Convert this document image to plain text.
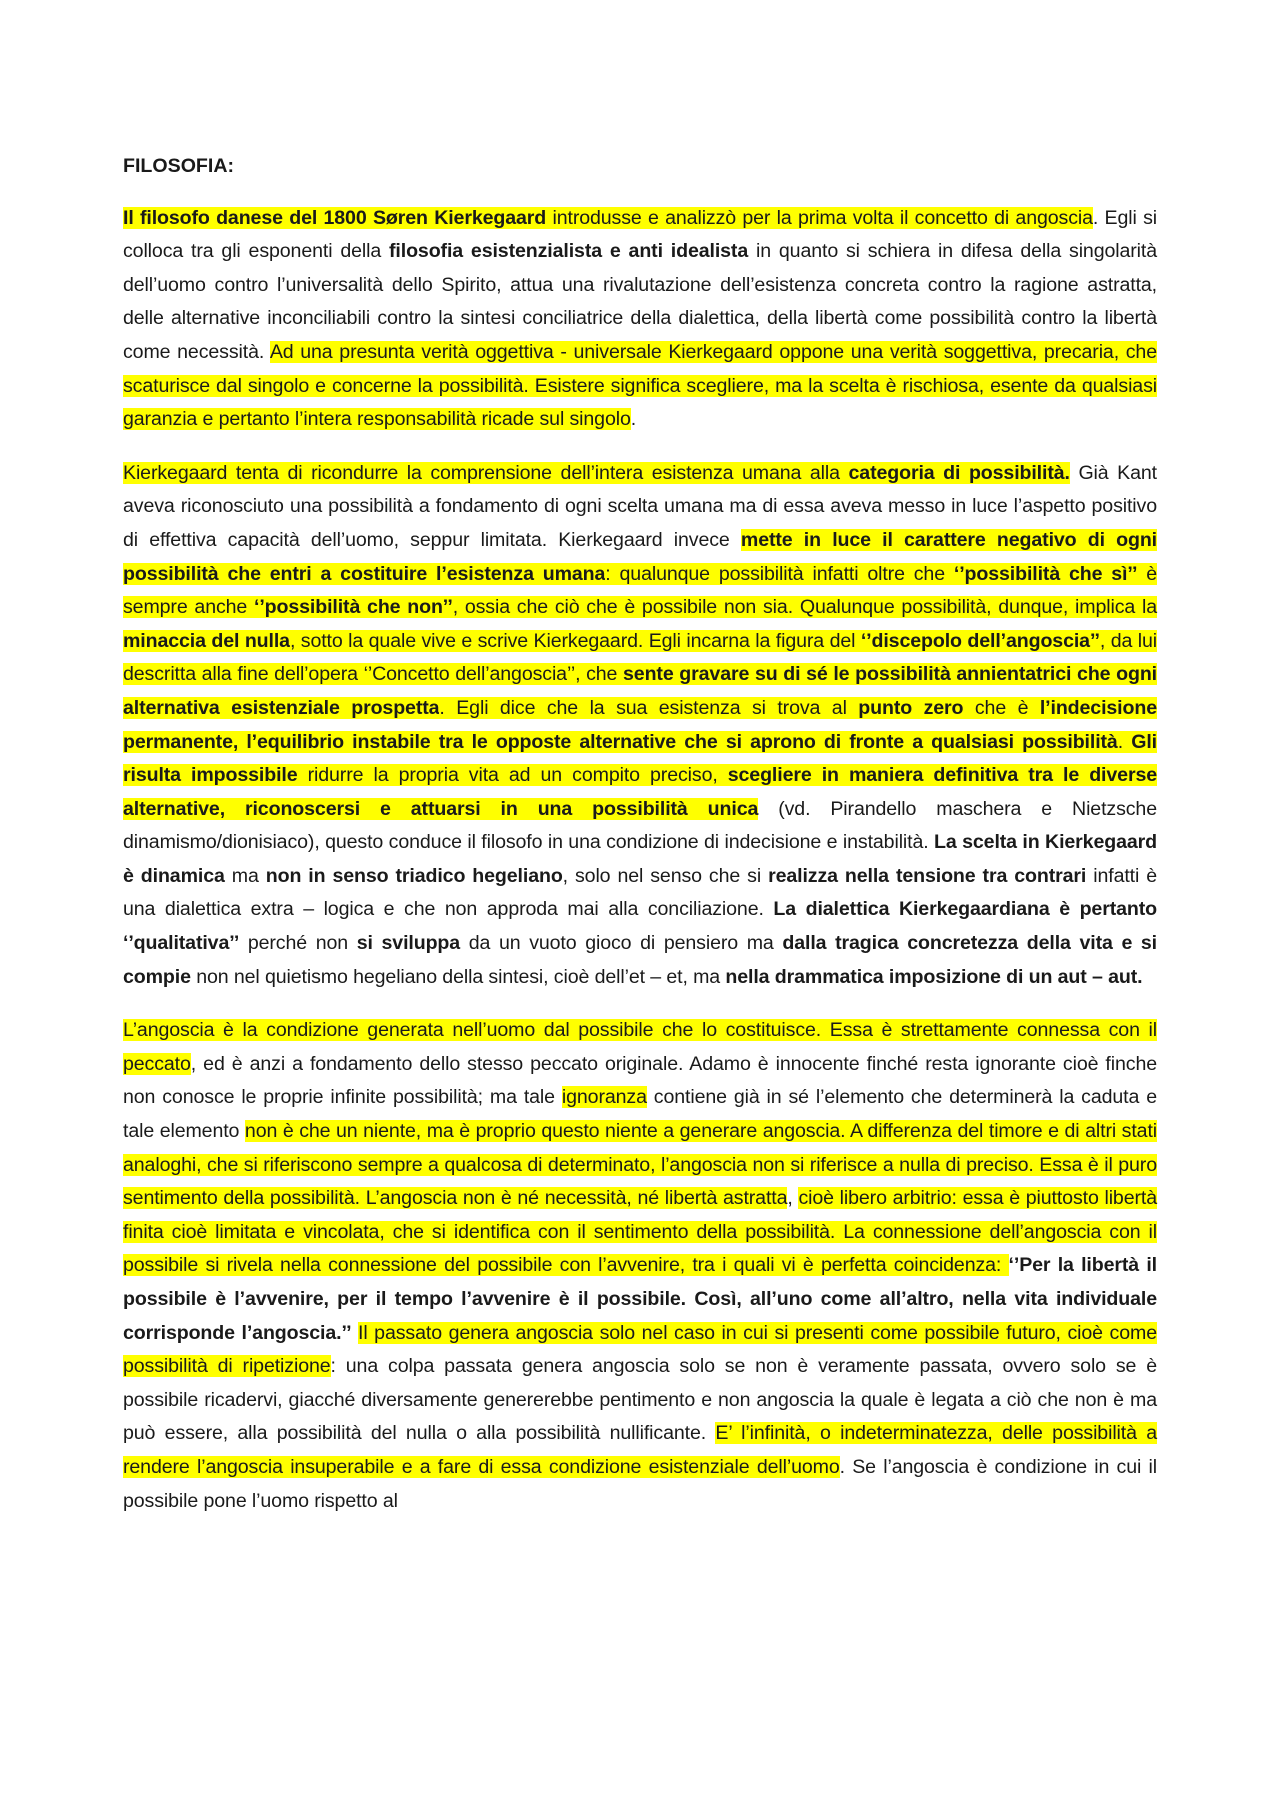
FILOSOFIA:

Il filosofo danese del 1800 Søren Kierkegaard introdusse e analizzò per la prima volta il concetto di angoscia. Egli si colloca tra gli esponenti della filosofia esistenzialista e anti idealista in quanto si schiera in difesa della singolarità dell’uomo contro l’universalità dello Spirito, attua una rivalutazione dell’esistenza concreta contro la ragione astratta, delle alternative inconciliabili contro la sintesi conciliatrice della dialettica, della libertà come possibilità contro la libertà come necessità. Ad una presunta verità oggettiva - universale Kierkegaard oppone una verità soggettiva, precaria, che scaturisce dal singolo e concerne la possibilità. Esistere significa scegliere, ma la scelta è rischiosa, esente da qualsiasi garanzia e pertanto l’intera responsabilità ricade sul singolo.

Kierkegaard tenta di ricondurre la comprensione dell’intera esistenza umana alla categoria di possibilità. Già Kant aveva riconosciuto una possibilità a fondamento di ogni scelta umana ma di essa aveva messo in luce l’aspetto positivo di effettiva capacità dell’uomo, seppur limitata. Kierkegaard invece mette in luce il carattere negativo di ogni possibilità che entri a costituire l’esistenza umana: qualunque possibilità infatti oltre che ‘’possibilità che sì’’ è sempre anche ‘’possibilità che non’’, ossia che ciò che è possibile non sia. Qualunque possibilità, dunque, implica la minaccia del nulla, sotto la quale vive e scrive Kierkegaard. Egli incarna la figura del ‘’discepolo dell’angoscia’’, da lui descritta alla fine dell’opera ‘’Concetto dell’angoscia’’, che sente gravare su di sé le possibilità annientatrici che ogni alternativa esistenziale prospetta. Egli dice che la sua esistenza si trova al punto zero che è l’indecisione permanente, l’equilibrio instabile tra le opposte alternative che si aprono di fronte a qualsiasi possibilità. Gli risulta impossibile ridurre la propria vita ad un compito preciso, scegliere in maniera definitiva tra le diverse alternative, riconoscersi e attuarsi in una possibilità unica (vd. Pirandello maschera e Nietzsche dinamismo/dionisiaco), questo conduce il filosofo in una condizione di indecisione e instabilità. La scelta in Kierkegaard è dinamica ma non in senso triadico hegeliano, solo nel senso che si realizza nella tensione tra contrari infatti è una dialettica extra – logica e che non approda mai alla conciliazione. La dialettica Kierkegaardiana è pertanto ‘’qualitativa’’ perché non si sviluppa da un vuoto gioco di pensiero ma dalla tragica concretezza della vita e si compie non nel quietismo hegeliano della sintesi, cioè dell’et – et, ma nella drammatica imposizione di un aut – aut.

L’angoscia è la condizione generata nell’uomo dal possibile che lo costituisce. Essa è strettamente connessa con il peccato, ed è anzi a fondamento dello stesso peccato originale. Adamo è innocente finché resta ignorante cioè finche non conosce le proprie infinite possibilità; ma tale ignoranza contiene già in sé l’elemento che determinerà la caduta e tale elemento non è che un niente, ma è proprio questo niente a generare angoscia. A differenza del timore e di altri stati analoghi, che si riferiscono sempre a qualcosa di determinato, l’angoscia non si riferisce a nulla di preciso. Essa è il puro sentimento della possibilità. L’angoscia non è né necessità, né libertà astratta, cioè libero arbitrio: essa è piuttosto libertà finita cioè limitata e vincolata, che si identifica con il sentimento della possibilità. La connessione dell’angoscia con il possibile si rivela nella connessione del possibile con l’avvenire, tra i quali vi è perfetta coincidenza: ‘’Per la libertà il possibile è l’avvenire, per il tempo l’avvenire è il possibile. Così, all’uno come all’altro, nella vita individuale corrisponde l’angoscia.’’ Il passato genera angoscia solo nel caso in cui si presenti come possibile futuro, cioè come possibilità di ripetizione: una colpa passata genera angoscia solo se non è veramente passata, ovvero solo se è possibile ricadervi, giacché diversamente genererebbe pentimento e non angoscia la quale è legata a ciò che non è ma può essere, alla possibilità del nulla o alla possibilità nullificante. E’ l’infinità, o indeterminatezza, delle possibilità a rendere l’angoscia insuperabile e a fare di essa condizione esistenziale dell’uomo. Se l’angoscia è condizione in cui il possibile pone l’uomo rispetto al
